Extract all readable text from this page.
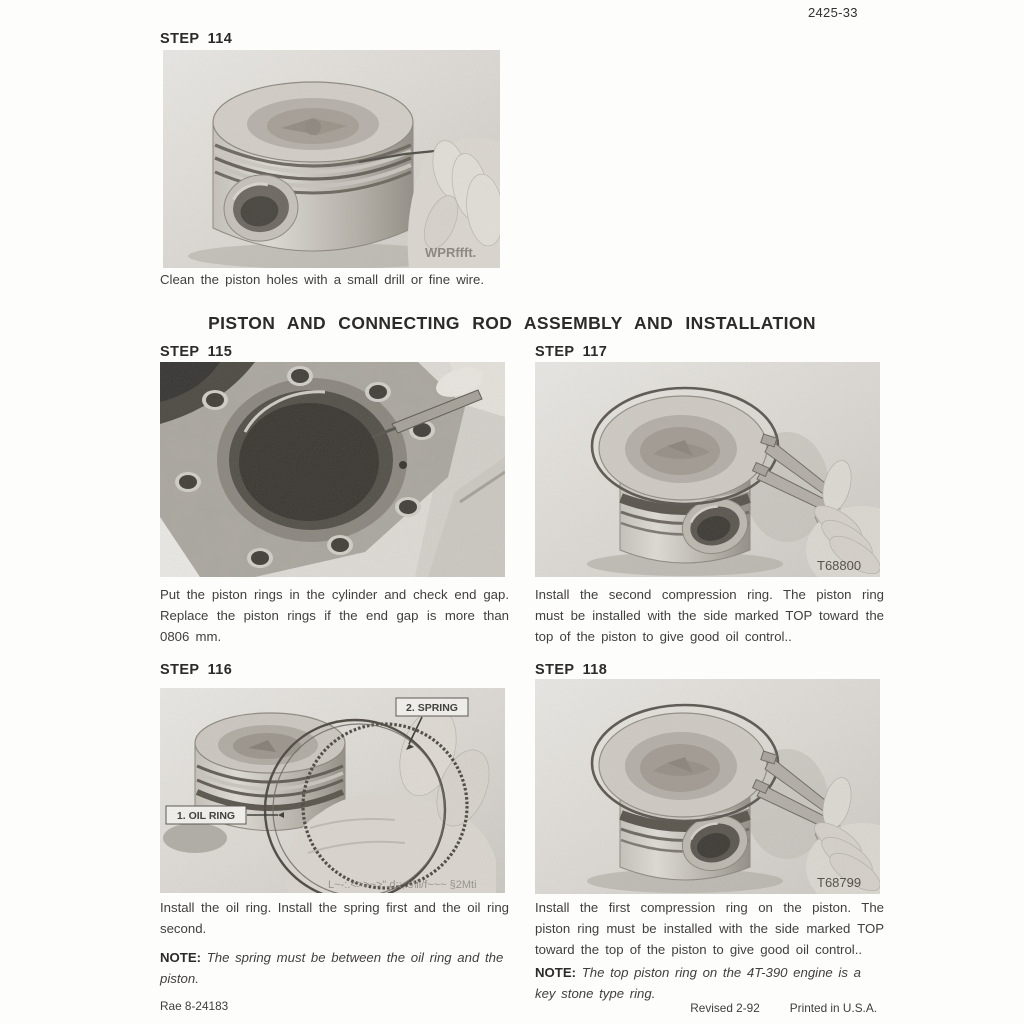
2425-33
STEP 114
WPRffft.
Clean the piston holes with a small drill or fine wire.
PISTON AND CONNECTING ROD ASSEMBLY AND INSTALLATION
STEP 115
Put the piston rings in the cylinder and check end gap. Replace the piston rings if the end gap is more than 0806 mm.
STEP 117
T68800
Install the second compression ring. The piston ring must be installed with the side marked TOP toward the top of the piston to give good oil control..
STEP 116
2. SPRING
1. OIL RING
L~-:.<>>~>".d::,.s\ii/f~~~ §2Mti
Install the oil ring. Install the spring first and the oil ring second.

NOTE: The spring must be between the oil ring and the piston.

STEP 118
T68799
Install the first compression ring on the piston. The piston ring must be installed with the side marked TOP toward the top of the piston to give good oil control..

NOTE: The top piston ring on the 4T-390 engine is a key stone type ring.

Rae 8-24183	Revised 2-92	Printed in U.S.A.
